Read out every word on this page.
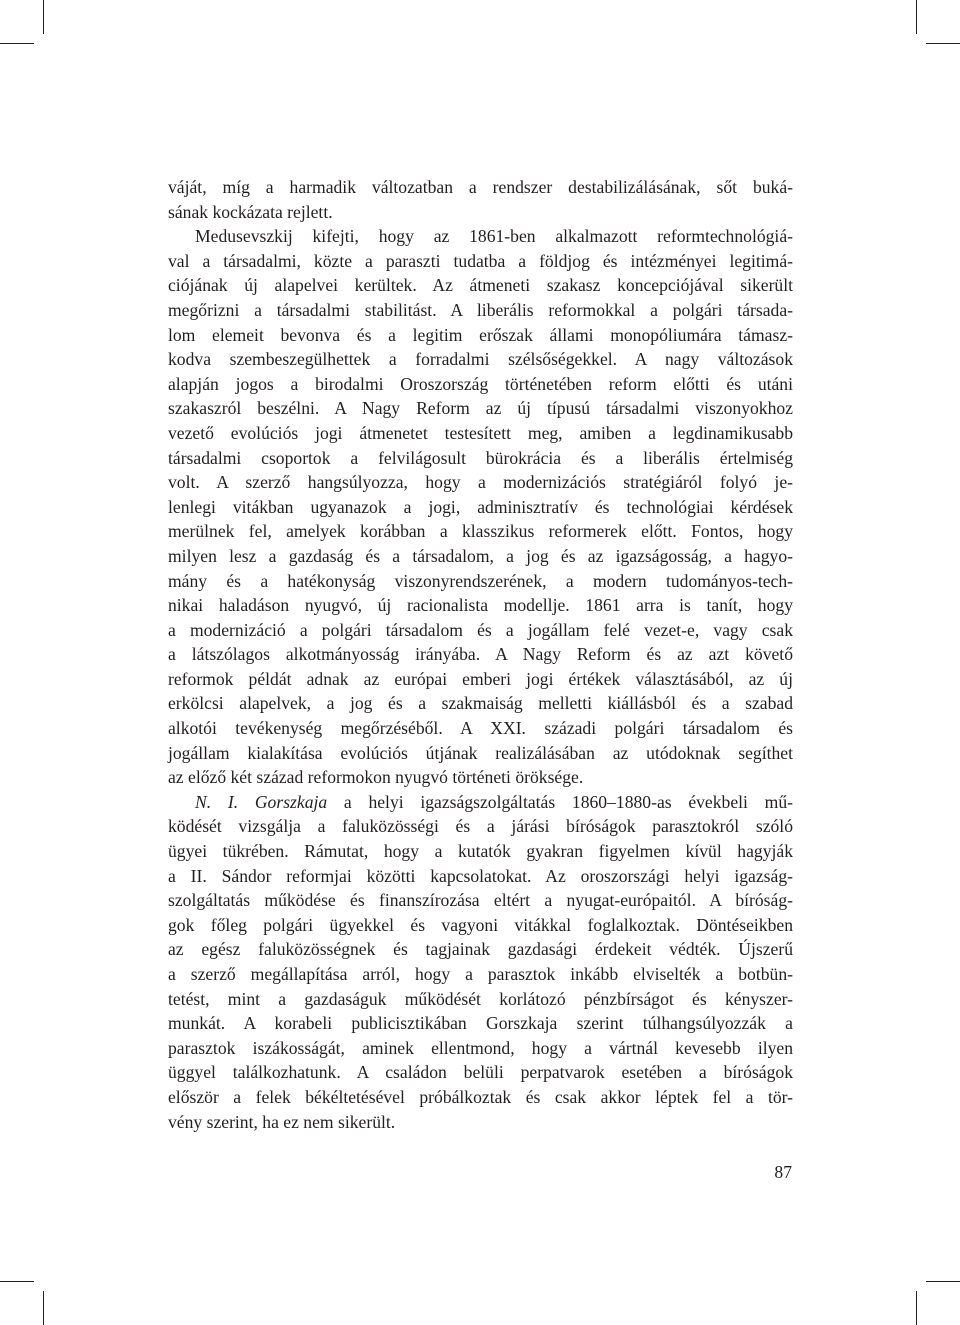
váját, míg a harmadik változatban a rendszer destabilizálásának, sőt buká-
sának kockázata rejlett.
Medusevszkij kifejti, hogy az 1861-ben alkalmazott reformtechnológiá-
val a társadalmi, közte a paraszti tudatba a földjog és intézményei legitimá-
ciójának új alapelvei kerültek. Az átmeneti szakasz koncepciójával sikerült
megőrizni a társadalmi stabilitást. A liberális reformokkal a polgári társada-
lom elemeit bevonva és a legitim erőszak állami monopóliumára támasz-
kodva szembeszegülhettek a forradalmi szélsőségekkel. A nagy változások
alapján jogos a birodalmi Oroszország történetében reform előtti és utáni
szakaszról beszélni. A Nagy Reform az új típusú társadalmi viszonyokhoz
vezető evolúciós jogi átmenetet testesített meg, amiben a legdinamikusabb
társadalmi csoportok a felvilágosult bürokrácia és a liberális értelmiség
volt. A szerző hangsúlyozza, hogy a modernizációs stratégiáról folyó je-
lenlegi vitákban ugyanazok a jogi, adminisztratív és technológiai kérdések
merülnek fel, amelyek korábban a klasszikus reformerek előtt. Fontos, hogy
milyen lesz a gazdaság és a társadalom, a jog és az igazságosság, a hagyo-
mány és a hatékonyság viszonyrendszerének, a modern tudományos-tech-
nikai haladáson nyugvó, új racionalista modellje. 1861 arra is tanít, hogy
a modernizáció a polgári társadalom és a jogállam felé vezet-e, vagy csak
a látszólagos alkotmányosság irányába. A Nagy Reform és az azt követő
reformok példát adnak az európai emberi jogi értékek választásából, az új
erkölcsi alapelvek, a jog és a szakmaiság melletti kiállásból és a szabad
alkotói tevékenység megőrzéséből. A XXI. századi polgári társadalom és
jogállam kialakítása evolúciós útjának realizálásában az utódoknak segíthet
az előző két század reformokon nyugvó történeti öröksége.
N. I. Gorszkaja a helyi igazságszolgáltatás 1860–1880-as évekbeli mű-
ködését vizsgálja a faluközösségi és a járási bíróságok parasztokról szóló
ügyei tükrében. Rámutat, hogy a kutatók gyakran figyelmen kívül hagyják
a II. Sándor reformjai közötti kapcsolatokat. Az oroszországi helyi igazság-
szolgáltatás működése és finanszírozása eltért a nyugat-európaitól. A bíróság-
gok főleg polgári ügyekkel és vagyoni vitákkal foglalkoztak. Döntéseikben
az egész faluközösségnek és tagjainak gazdasági érdekeit védték. Újszerű
a szerző megállapítása arról, hogy a parasztok inkább elviselték a botbün-
tetést, mint a gazdaságuk működését korlátozó pénzbírságot és kényszer-
munkát. A korabeli publicisztikában Gorszkaja szerint túlhangsúlyozzák a
parasztok iszákosságát, aminek ellentmond, hogy a vártnál kevesebb ilyen
üggyel találkozhatunk. A családon belüli perpatvarok esetében a bíróságok
először a felek békéltetésével próbálkoztak és csak akkor léptek fel a tör-
vény szerint, ha ez nem sikerült.
87
